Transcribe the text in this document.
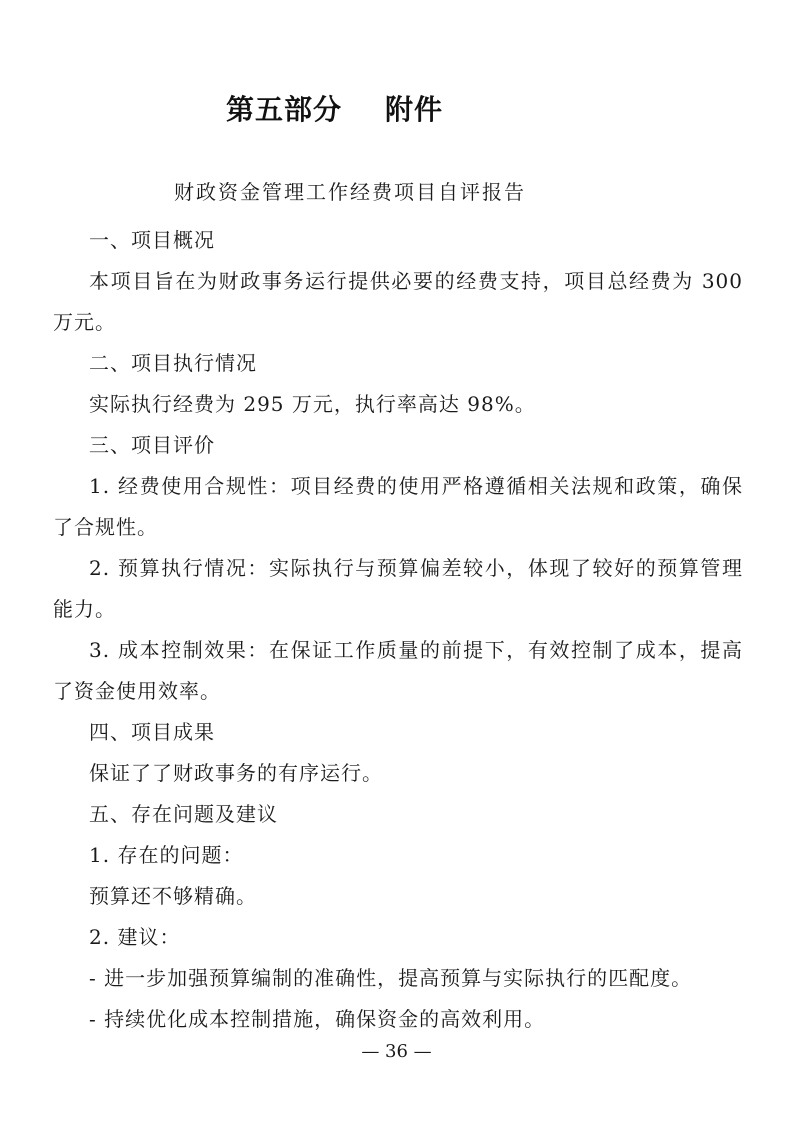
第五部分    附件
财政资金管理工作经费项目自评报告

一、项目概况

本项目旨在为财政事务运行提供必要的经费支持，项目总经费为 300万元。

二、项目执行情况

实际执行经费为 295 万元，执行率高达 98%。

三、项目评价

1. 经费使用合规性：项目经费的使用严格遵循相关法规和政策，确保了合规性。

2. 预算执行情况：实际执行与预算偏差较小，体现了较好的预算管理能力。

3. 成本控制效果：在保证工作质量的前提下，有效控制了成本，提高了资金使用效率。

四、项目成果

保证了了财政事务的有序运行。

五、存在问题及建议

1. 存在的问题：

预算还不够精确。

2. 建议：

- 进一步加强预算编制的准确性，提高预算与实际执行的匹配度。

- 持续优化成本控制措施，确保资金的高效利用。

— 36 —
